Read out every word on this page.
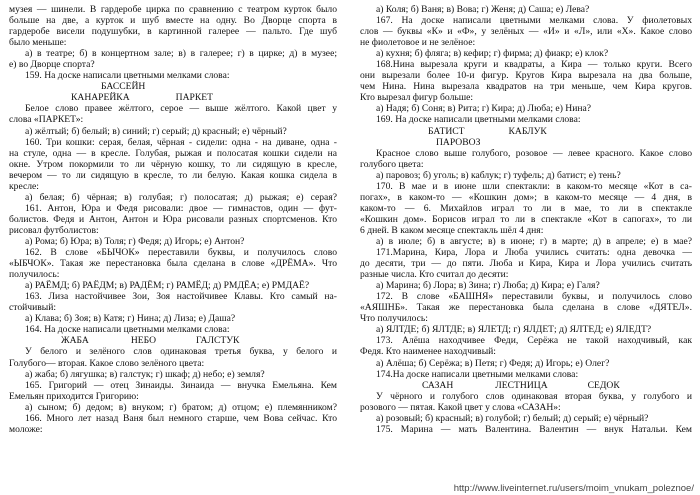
музея — шинели. В гардеробе цирка по сравнению с театром курток было
больше на две, а курток и шуб вместе на одну. Во Дворце спорта в
гардеробе висели подушубки, в картинной галерее — пальто. Где шуб
было меньше:
а) в театре; б) в концертном зале; в) в галерее; г) в цирке; д) в музее;
е) во Дворце спорта?
159. На доске написали цветными мелками слова:
БАССЕЙН
КАНАРЕЙКА	ПАРКЕТ
Белое слово правее жёлтого, серое — выше жёлтого. Какой цвет у
слова «ПАРКЕТ»:
а) жёлтый; б) белый; в) синий; г) серый; д) красный; е) чёрный?
160. Три кошки: серая, белая, чёрная - сидели: одна - на диване, одна -
на стуле, одна — в кресле. Голубая, рыжая и полосатая кошки сидели на
окне. Утром покормили то ли чёрную кошку, то ли сидящую в кресле,
вечером — то ли сидящую в кресле, то ли белую. Какая кошка сидела в
кресле:
а) белая; б) чёрная; в) голубая; г) полосатая; д) рыжая; е) серая?
161. Антон, Юра и Федя рисовали: двое — гимнастов, один — фут-
болистов. Федя и Антон, Антон и Юра рисовали разных спортсменов. Кто
рисовал футболистов:
а) Рома; б) Юра; в) Толя; г) Федя; д) Игорь; е) Антон?
162. В слове «БЫЧОК» переставили буквы, и получилось слово
«ЫБЧОК». Такая же перестановка была сделана в слове «ДРЁМА». Что
получилось:
а) РАЁМД; б) РАЁДМ; в) РАДЁМ; г) РАМЁД; д) РМДЁА; е) РМДАЁ?
163. Лиза настойчивее Зои, Зоя настойчивее Клавы. Кто самый на-
стойчивый:
а) Клава; б) Зоя; в) Катя; г) Нина; д) Лиза; е) Даша?
164. На доске написали цветными мелками слова:
ЖАБА	НЕБО	ГАЛСТУК
У белого и зелёного слов одинаковая третья буква, у белого и
Голубого— вторая. Какое слово зелёного цвета:
а) жаба; б) лягушка; в) галстук; г) шкаф; д) небо; е) земля?
165. Григорий — отец Зинаиды. Зинаида — внучка Емельяна. Кем
Емельян приходится Григорию:
а) сыном; б) дедом; в) внуком; г) братом; д) отцом; е) племянником?
166. Много лет назад Ваня был немного старше, чем Вова сейчас. Кто
моложе:
а) Коля; б) Ваня; в) Вова; г) Женя; д) Саша; е) Лева?
167. На доске написали цветными мелками слова. У фиолетовых
слов — буквы «К» и «Ф», у зелёных — «И» и «Л», или «Х». Какое слово
не фиолетовое и не зелёное:
а) кухня; б) фляга; в) кефир; г) фирма; д) фиакр; е) клок?
168.Нина вырезала круги и квадраты, а Кира — только круги. Всего
они вырезали более 10-и фигур. Кругов Кира вырезала на два больше,
чем Нина. Нина вырезала квадратов на три меньше, чем Кира кругов.
Кто вырезал фигур больше:
а) Надя; б) Соня; в) Рита; г) Кира; д) Люба; е) Нина?
169. На доске написали цветными мелками слова:
БАТИСТ	КАБЛУК
ПАРОВОЗ
Красное слово выше голубого, розовое — левее красного. Какое слово
голубого цвета:
а) паровоз; б) уголь; в) каблук; г) туфель; д) батист; е) тень?
170. В мае и в июне шли спектакли: в каком-то месяце «Кот в са-
погах», в каком-то — «Кошкин дом»; в каком-то месяце — 4 дня, в
каком-то — 6. Михайлов играл то ли в мае, то ли в спектакле
«Кошкин дом». Борисов играл то ли в спектакле «Кот в сапогах», то ли
6 дней. В каком месяце спектакль шёл 4 дня:
а) в июле; б) в августе; в) в июне; г) в марте; д) в апреле; е) в мае?
171.Марина, Кира, Лора и Люба учились считать: одна девочка —
до десяти, три — до пяти. Люба и Кира, Кира и Лора учились считать
разные числа. Кто считал до десяти:
а) Марина; б) Лора; в) Зина; г) Люба; д) Кира; е) Галя?
172. В слове «БАШНЯ» переставили буквы, и получилось слово
«АЯШНБ». Такая же перестановка была сделана в слове «ДЯТЕЛ».
Что получилось:
а) ЯЛТДЕ; б) ЯЛТДЕ; в) ЯЛЕТД; г) ЯЛДЕТ; д) ЯЛТЕД; е) ЯЛЕДТ?
173. Алёша находчивее Феди, Серёжа не такой находчивый, как
Федя. Кто наименее находчивый:
а) Алёша; б) Серёжа; в) Петя; г) Федя; д) Игорь; е) Олег?
174.На доске написали цветными мелками слова:
САЗАН	ЛЕСТНИЦА	СЕДОК
У чёрного и голубого слов одинаковая вторая буква, у голубого и
розового — пятая. Какой цвет у слова «САЗАН»:
а) розовый; б) красный; в) голубой; г) белый; д) серый; е) чёрный?
175. Марина — мать Валентина. Валентин — внук Натальи. Кем
http://www.liveinternet.ru/users/moim_vnukam_poleznoe/
